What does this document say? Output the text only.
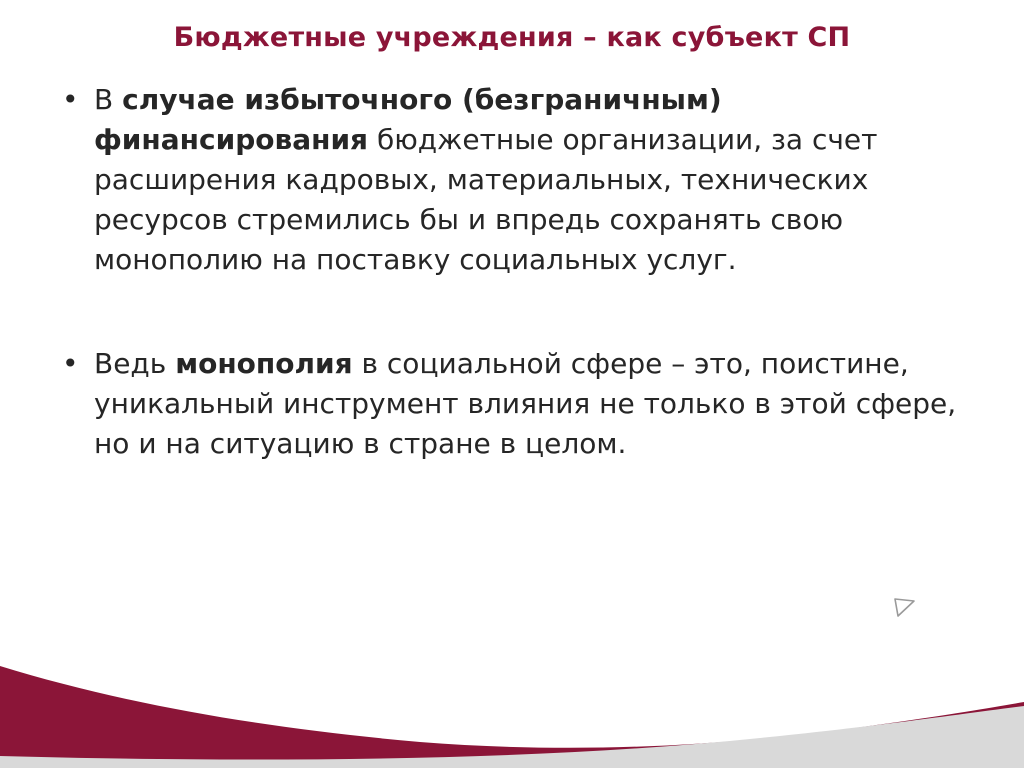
Бюджетные учреждения – как субъект СП
• В случае избыточного (безграничным) финансирования бюджетные организации, за счет расширения кадровых, материальных, технических ресурсов стремились бы и впредь сохранять свою монополию на поставку социальных услуг.
• Ведь монополия в социальной сфере – это, поистине, уникальный инструмент влияния не только в этой сфере, но и на ситуацию в стране в целом.
